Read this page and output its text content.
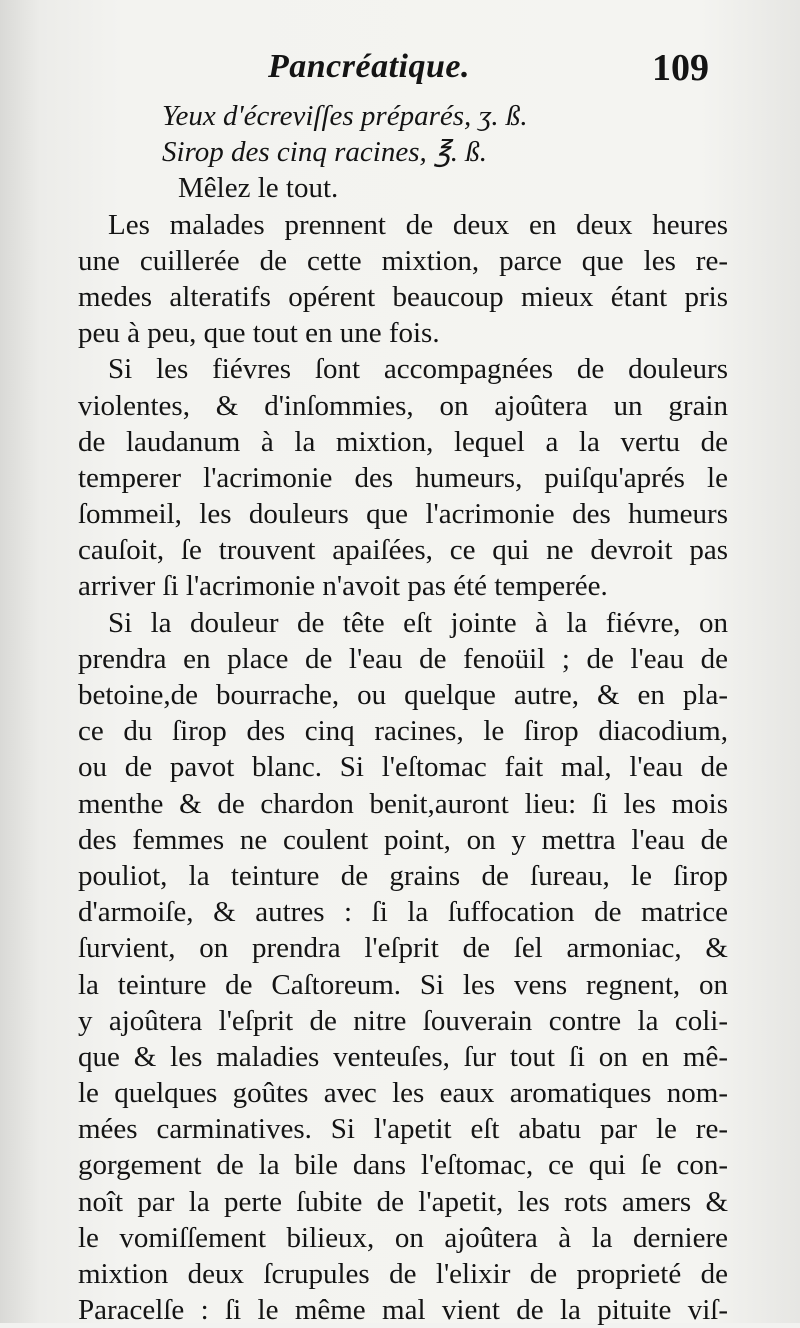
Pancréatique.	109
Yeux d'écreviſſes préparés, ʒ. ß.
Sirop des cinq racines, ℥. ß.
Mêlez le tout.
Les malades prennent de deux en deux heures
une cuillerée de cette mixtion, parce que les re-
medes alteratifs opérent beaucoup mieux étant pris
peu à peu, que tout en une fois.
Si les fiévres ſont accompagnées de douleurs
violentes, & d'inſommies, on ajoûtera un grain
de laudanum à la mixtion, lequel a la vertu de
temperer l'acrimonie des humeurs, puiſqu'aprés le
ſommeil, les douleurs que l'acrimonie des humeurs
cauſoit, ſe trouvent apaiſées, ce qui ne devroit pas
arriver ſi l'acrimonie n'avoit pas été temperée.
Si la douleur de tête eſt jointe à la fiévre, on
prendra en place de l'eau de fenoüil ; de l'eau de
betoine,de bourrache, ou quelque autre, & en pla-
ce du ſirop des cinq racines, le ſirop diacodium,
ou de pavot blanc. Si l'eſtomac fait mal, l'eau de
menthe & de chardon benit,auront lieu: ſi les mois
des femmes ne coulent point, on y mettra l'eau de
pouliot, la teinture de grains de ſureau, le ſirop
d'armoiſe, & autres : ſi la ſuffocation de matrice
ſurvient, on prendra l'eſprit de ſel armoniac, &
la teinture de Caſtoreum. Si les vens regnent, on
y ajoûtera l'eſprit de nitre ſouverain contre la coli-
que & les maladies venteuſes, ſur tout ſi on en mê-
le quelques goûtes avec les eaux aromatiques nom-
mées carminatives. Si l'apetit eſt abatu par le re-
gorgement de la bile dans l'eſtomac, ce qui ſe con-
noît par la perte ſubite de l'apetit, les rots amers &
le vomiſſement bilieux, on ajoûtera à la derniere
mixtion deux ſcrupules de l'elixir de proprieté de
Paracelſe : ſi le même mal vient de la pituite viſ-
